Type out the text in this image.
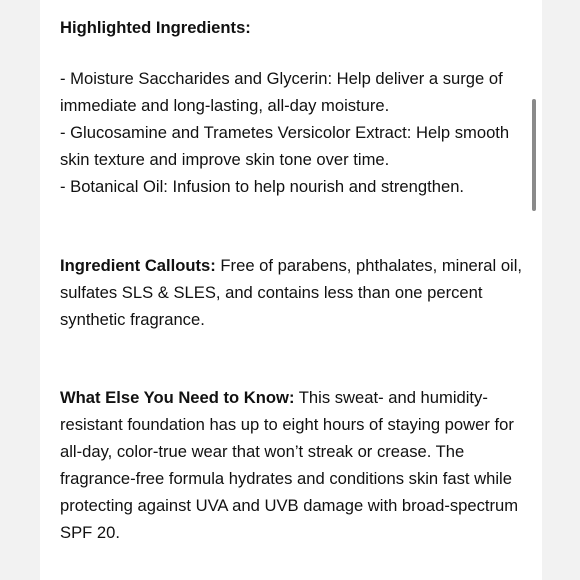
Highlighted Ingredients:

- Moisture Saccharides and Glycerin: Help deliver a surge of immediate and long-lasting, all-day moisture.
- Glucosamine and Trametes Versicolor Extract: Help smooth skin texture and improve skin tone over time.
- Botanical Oil: Infusion to help nourish and strengthen.

Ingredient Callouts: Free of parabens, phthalates, mineral oil, sulfates SLS & SLES, and contains less than one percent synthetic fragrance.

What Else You Need to Know: This sweat- and humidity-resistant foundation has up to eight hours of staying power for all-day, color-true wear that won’t streak or crease. The fragrance-free formula hydrates and conditions skin fast while protecting against UVA and UVB damage with broad-spectrum SPF 20.
